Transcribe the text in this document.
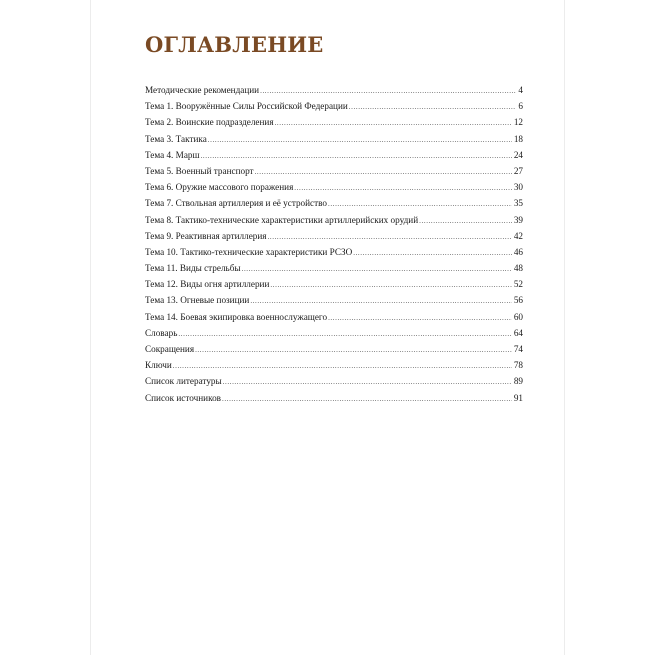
ОГЛАВЛЕНИЕ
Методические рекомендации .....	4
Тема 1. Вооружённые Силы Российской Федерации .....	6
Тема 2. Воинские подразделения .....	12
Тема 3. Тактика .....	18
Тема 4. Марш .....	24
Тема 5. Военный транспорт .....	27
Тема 6. Оружие массового поражения .....	30
Тема 7. Ствольная артиллерия и её устройство .....	35
Тема 8. Тактико-технические характеристики артиллерийских орудий .....	39
Тема 9. Реактивная артиллерия .....	42
Тема 10. Тактико-технические характеристики РСЗО .....	46
Тема 11. Виды стрельбы .....	48
Тема 12. Виды огня артиллерии .....	52
Тема 13. Огневые позиции .....	56
Тема 14. Боевая экипировка военнослужащего .....	60
Словарь .....	64
Сокращения .....	74
Ключи .....	78
Список литературы .....	89
Список источников .....	91
